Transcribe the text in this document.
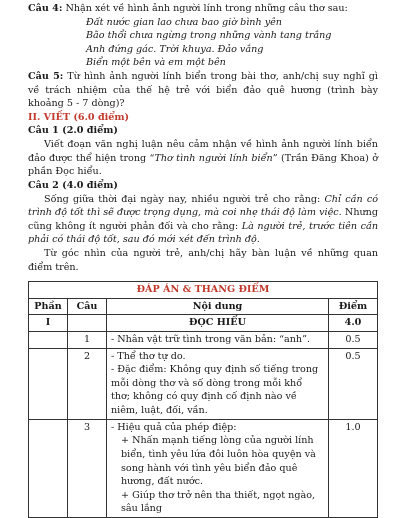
Câu 4: Nhận xét về hình ảnh người lính trong những câu thơ sau:

Đất nước gian lao chưa bao giờ bình yên
Bão thổi chưa ngừng trong những vành tang trắng
Anh đứng gác. Trời khuya. Đảo vắng
Biển một bên và em một bên

Câu 5: Từ hình ảnh người lính biển trong bài thơ, anh/chị suy nghĩ gì về trách nhiệm của thế hệ trẻ với biển đảo quê hương (trình bày khoảng 5 - 7 dòng)?

II. VIẾT (6.0 điểm)

Câu 1 (2.0 điểm)

Viết đoạn văn nghị luận nêu cảm nhận về hình ảnh người lính biển đảo được thể hiện trong “Thơ tình người lính biển” (Trần Đăng Khoa) ở phần Đọc hiểu.

Câu 2 (4.0 điểm)

Sống giữa thời đại ngày nay, nhiều người trẻ cho rằng: Chỉ cần có trình độ tốt thì sẽ được trọng dụng, mà coi nhẹ thái độ làm việc. Nhưng cũng không ít người phản đối và cho rằng: Là người trẻ, trước tiên cần phải có thái độ tốt, sau đó mới xét đến trình độ.

Từ góc nhìn của người trẻ, anh/chị hãy bàn luận về những quan điểm trên.

ĐÁP ÁN & THANG ĐIỂM			
Phần	Câu	Nội dung	Điểm
I		ĐỌC HIỂU	4.0
	1	- Nhân vật trữ tình trong văn bản: “anh”.	0.5
	2	- Thể thơ tự do.

- Đặc điểm: Không quy định số tiếng trong mỗi dòng thơ và số dòng trong mỗi khổ thơ; không có quy định cố định nào về niêm, luật, đối, vần.	0.5
	3	- Hiệu quả của phép điệp:

+ Nhấn mạnh tiếng lòng của người lính biển, tình yêu lứa đôi luôn hòa quyện và song hành với tình yêu biển đảo quê hương, đất nước.

+ Giúp thơ trở nên tha thiết, ngọt ngào, sâu lắng	1.0
